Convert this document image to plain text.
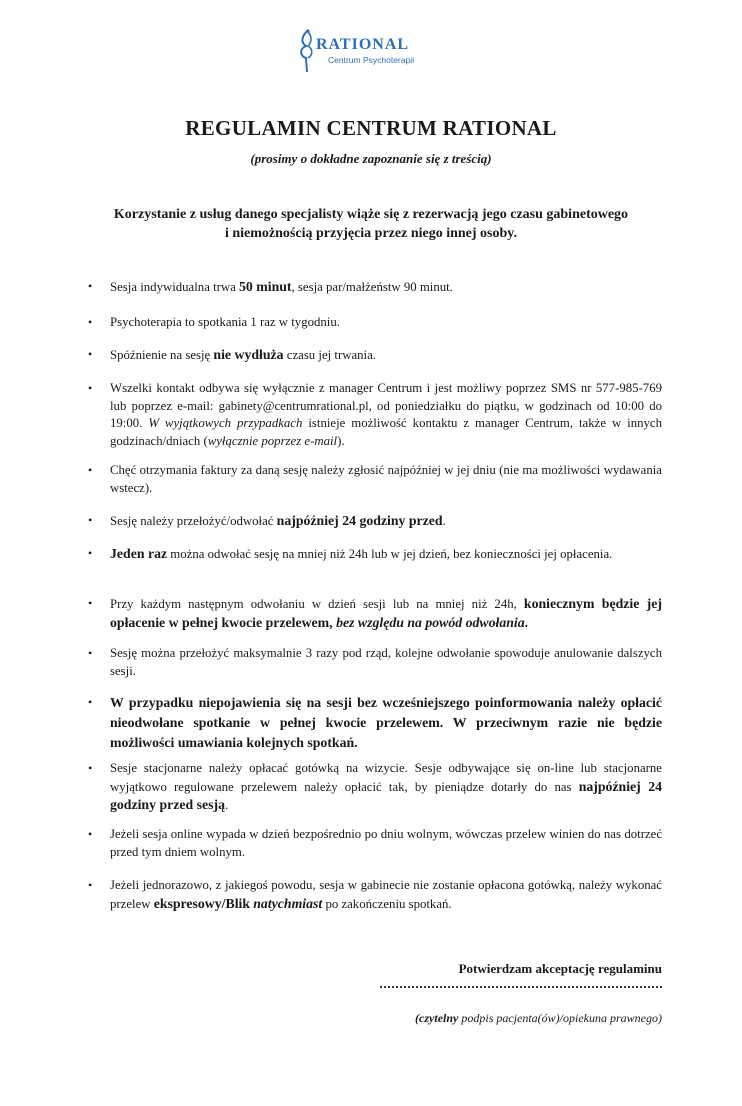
RATIONAL
Centrum Psychoterapii
REGULAMIN CENTRUM RATIONAL
(prosimy o dokładne zapoznanie się z treścią)
Korzystanie z usług danego specjalisty wiąże się z rezerwacją jego czasu gabinetowego
i niemożnością przyjęcia przez niego innej osoby.
• Sesja indywidualna trwa 50 minut, sesja par/małżeństw 90 minut.
• Psychoterapia to spotkania 1 raz w tygodniu.
• Spóźnienie na sesję nie wydłuża czasu jej trwania.
• Wszelki kontakt odbywa się wyłącznie z manager Centrum i jest możliwy poprzez SMS nr 577-985-769 lub poprzez e-mail: gabinety@centrumrational.pl, od poniedziałku do piątku, w godzinach od 10:00 do 19:00. W wyjątkowych przypadkach istnieje możliwość kontaktu z manager Centrum, także w innych godzinach/dniach (wyłącznie poprzez e-mail).
• Chęć otrzymania faktury za daną sesję należy zgłosić najpóźniej w jej dniu (nie ma możliwości wydawania wstecz).
• Sesję należy przełożyć/odwołać najpóźniej 24 godziny przed.
• Jeden raz można odwołać sesję na mniej niż 24h lub w jej dzień, bez konieczności jej opłacenia.
• Przy każdym następnym odwołaniu w dzień sesji lub na mniej niż 24h, koniecznym będzie jej opłacenie w pełnej kwocie przelewem, bez względu na powód odwołania.
• Sesję można przełożyć maksymalnie 3 razy pod rząd, kolejne odwołanie spowoduje anulowanie dalszych sesji.
• W przypadku niepojawienia się na sesji bez wcześniejszego poinformowania należy opłacić nieodwołane spotkanie w pełnej kwocie przelewem. W przeciwnym razie nie będzie możliwości umawiania kolejnych spotkań.
• Sesje stacjonarne należy opłacać gotówką na wizycie. Sesje odbywające się on-line lub stacjonarne wyjątkowo regulowane przelewem należy opłacić tak, by pieniądze dotarły do nas najpóźniej 24 godziny przed sesją.
• Jeżeli sesja online wypada w dzień bezpośrednio po dniu wolnym, wówczas przelew winien do nas dotrzeć przed tym dniem wolnym.
• Jeżeli jednorazowo, z jakiegoś powodu, sesja w gabinecie nie zostanie opłacona gotówką, należy wykonać przelew ekspresowy/Blik natychmiast po zakończeniu spotkań.
Potwierdzam akceptację regulaminu
(czytelny podpis pacjenta(ów)/opiekuna prawnego)
